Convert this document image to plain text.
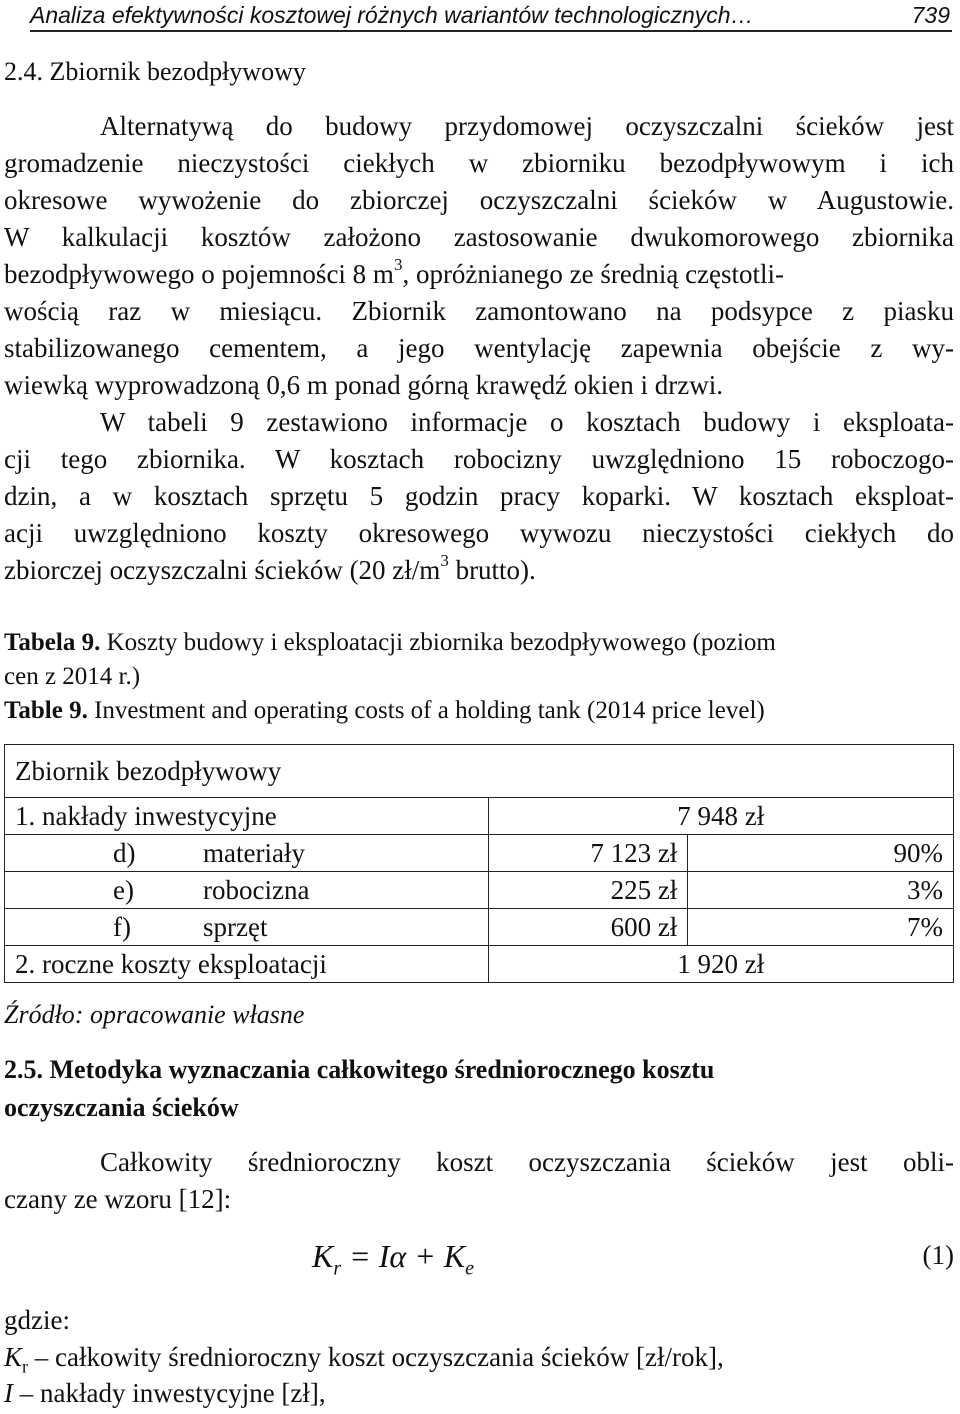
Analiza efektywności kosztowej różnych wariantów technologicznych…	739
2.4. Zbiornik bezodpływowy
Alternatywą do budowy przydomowej oczyszczalni ścieków jest
gromadzenie nieczystości ciekłych w zbiorniku bezodpływowym i ich
okresowe wywożenie do zbiorczej oczyszczalni ścieków w Augustowie.
W kalkulacji kosztów założono zastosowanie dwukomorowego zbiornika
bezodpływowego o pojemności 8 $m^3$, opróżnianego ze średnią częstotli-
wością raz w miesiącu. Zbiornik zamontowano na podsypce z piasku
stabilizowanego cementem, a jego wentylację zapewnia obejście z wy-
wiewką wyprowadzoną 0,6 m ponad górną krawędź okien i drzwi.
W tabeli 9 zestawiono informacje o kosztach budowy i eksploata-
cji tego zbiornika. W kosztach robocizny uwzględniono 15 roboczogo-
dzin, a w kosztach sprzętu 5 godzin pracy koparki. W kosztach eksploat-
acji uwzględniono koszty okresowego wywozu nieczystości ciekłych do
zbiorczej oczyszczalni ścieków (20 $zł/m^3$ brutto).
Tabela 9. Koszty budowy i eksploatacji zbiornika bezodpływowego (poziom
cen z 2014 r.)
Table 9. Investment and operating costs of a holding tank (2014 price level)
Zbiornik bezodpływowy		
1. nakłady inwestycyjne	7 948 zł	
d) materiały	7 123 zł	90%
e) robocizna	225 zł	3%
f) sprzęt	600 zł	7%
2. roczne koszty eksploatacji	1 920 zł	
Źródło: opracowanie własne
2.5. Metodyka wyznaczania całkowitego średniorocznego kosztu
oczyszczania ścieków
Całkowity średnioroczny koszt oczyszczania ścieków jest obli-
czany ze wzoru [12]:
$K_r = I\alpha + K_e$	(1)
gdzie:
$K_r$ – całkowity średnioroczny koszt oczyszczania ścieków [zł/rok],
I – nakłady inwestycyjne [zł],
